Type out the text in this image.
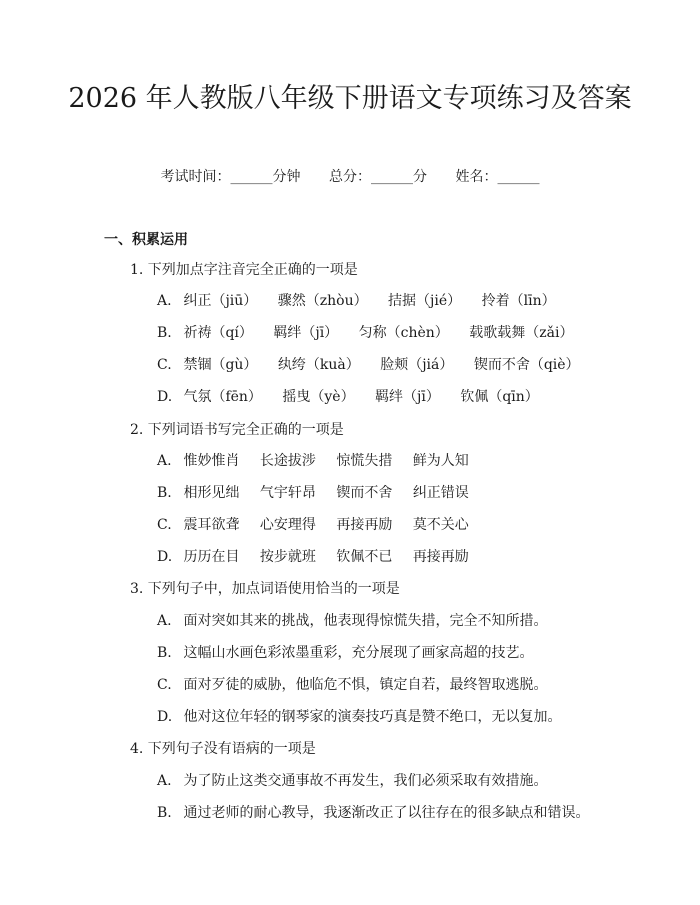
2026 年人教版八年级下册语文专项练习及答案
考试时间：______分钟 总分：______分 姓名：______
一、积累运用

1. 下列加点字注音完全正确的一项是

A. 纠正（jiū） 骤然（zhòu） 拮据（jié） 拎着（līn）
B. 祈祷（qí） 羁绊（jī） 匀称（chèn） 载歌载舞（zǎi）
C. 禁锢（gù） 纨绔（kuà） 脸颊（jiá） 锲而不舍（qiè）
D. 气氛（fēn） 摇曳（yè） 羁绊（jī） 钦佩（qīn）

2. 下列词语书写完全正确的一项是

A. 惟妙惟肖 长途拔涉 惊慌失措 鲜为人知
B. 相形见绌 气宇轩昂 锲而不舍 纠正错误
C. 震耳欲聋 心安理得 再接再励 莫不关心
D. 历历在目 按步就班 钦佩不已 再接再励

3. 下列句子中，加点词语使用恰当的一项是

A. 面对突如其来的挑战，他表现得惊慌失措，完全不知所措。
B. 这幅山水画色彩浓墨重彩，充分展现了画家高超的技艺。
C. 面对歹徒的威胁，他临危不惧，镇定自若，最终智取逃脱。
D. 他对这位年轻的钢琴家的演奏技巧真是赞不绝口，无以复加。

4. 下列句子没有语病的一项是

A. 为了防止这类交通事故不再发生，我们必须采取有效措施。
B. 通过老师的耐心教导，我逐渐改正了以往存在的很多缺点和错误。
